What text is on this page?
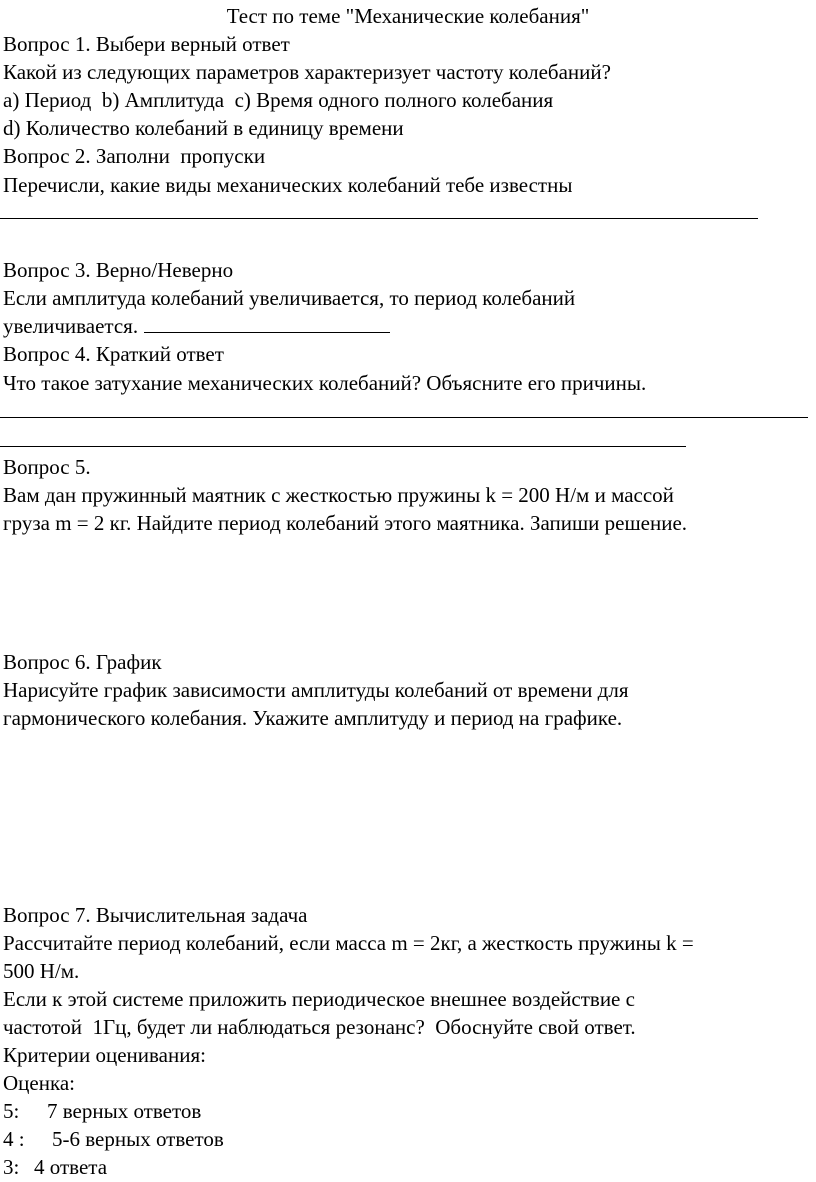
Тест по теме "Механические колебания"
Вопрос 1. Выбери верный ответ
Какой из следующих параметров характеризует частоту колебаний?
a) Период  b) Амплитуда  c) Время одного полного колебания
d) Количество колебаний в единицу времени
Вопрос 2. Заполни  пропуски
Перечисли, какие виды механических колебаний тебе известны
Вопрос 3. Верно/Неверно
Если амплитуда колебаний увеличивается, то период колебаний
увеличивается.
Вопрос 4. Краткий ответ
Что такое затухание механических колебаний? Объясните его причины.
Вопрос 5.
Вам дан пружинный маятник с жесткостью пружины k = 200 Н/м и массой
груза m = 2 кг. Найдите период колебаний этого маятника. Запиши решение.
Вопрос 6. График
Нарисуйте график зависимости амплитуды колебаний от времени для
гармонического колебания. Укажите амплитуду и период на графике.
Вопрос 7. Вычислительная задача
Рассчитайте период колебаний, если масса m = 2кг, а жесткость пружины k =
500 Н/м.
Если к этой системе приложить периодическое внешнее воздействие с
частотой  1Гц, будет ли наблюдаться резонанс?  Обоснуйте свой ответ.
Критерии оценивания:
Оценка:
5: 7 верных ответов
4 : 5-6 верных ответов
3: 4 ответа
